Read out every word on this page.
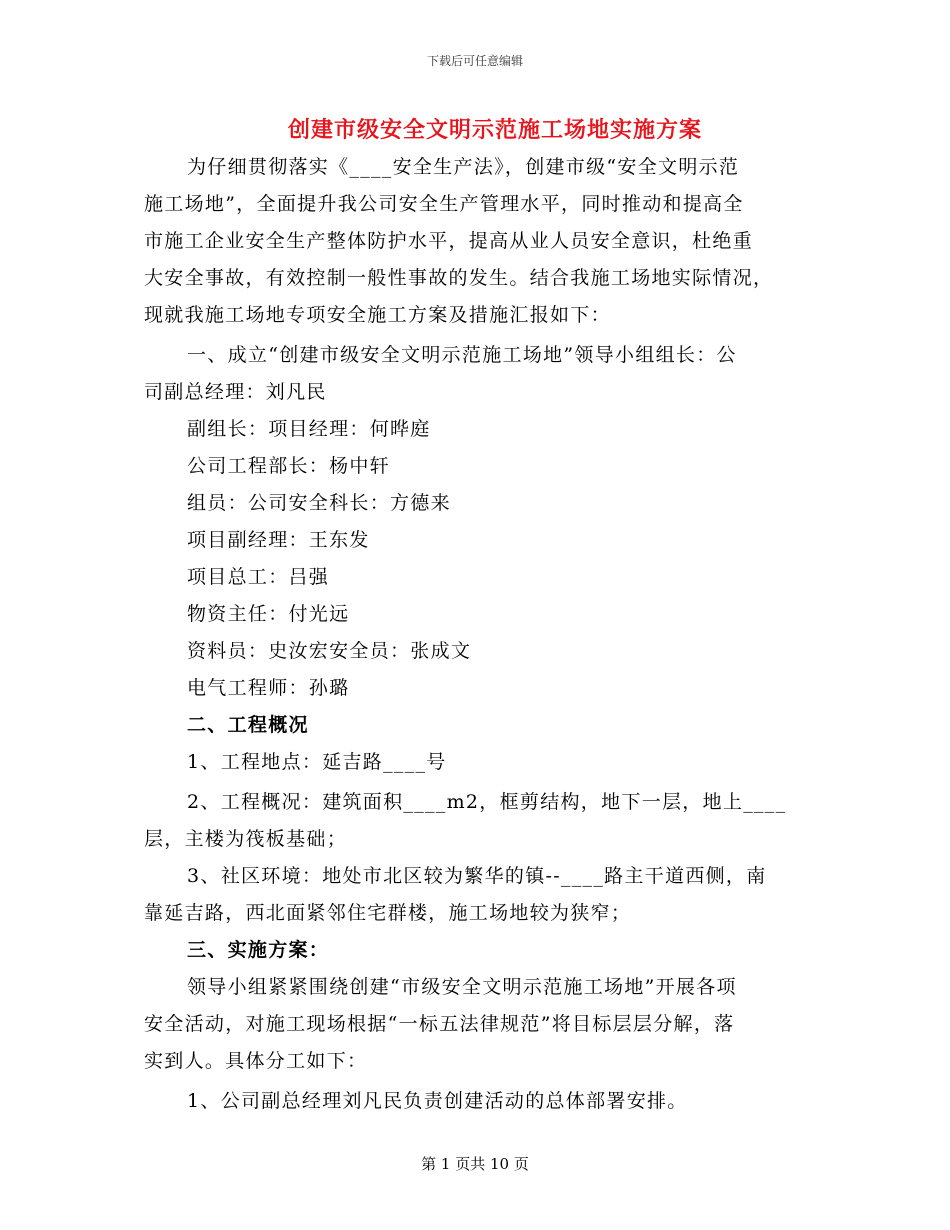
下载后可任意编辑
创建市级安全文明示范施工场地实施方案
为仔细贯彻落实《____安全生产法》，创建市级“安全文明示范
施工场地”，全面提升我公司安全生产管理水平，同时推动和提高全
市施工企业安全生产整体防护水平，提高从业人员安全意识，杜绝重
大安全事故，有效控制一般性事故的发生。结合我施工场地实际情况，
现就我施工场地专项安全施工方案及措施汇报如下：
一、成立“创建市级安全文明示范施工场地”领导小组组长：公
司副总经理：刘凡民
副组长：项目经理：何晔庭
公司工程部长：杨中轩
组员：公司安全科长：方德来
项目副经理：王东发
项目总工：吕强
物资主任：付光远
资料员：史汝宏安全员：张成文
电气工程师：孙璐
二、工程概况
1、工程地点：延吉路____号
2、工程概况：建筑面积____m2，框剪结构，地下一层，地上____
层，主楼为筏板基础；
3、社区环境：地处市北区较为繁华的镇--____路主干道西侧，南
靠延吉路，西北面紧邻住宅群楼，施工场地较为狭窄；
三、实施方案：
领导小组紧紧围绕创建“市级安全文明示范施工场地”开展各项
安全活动，对施工现场根据“一标五法律规范”将目标层层分解，落
实到人。具体分工如下：
1、公司副总经理刘凡民负责创建活动的总体部署安排。
第 1 页共 10 页
